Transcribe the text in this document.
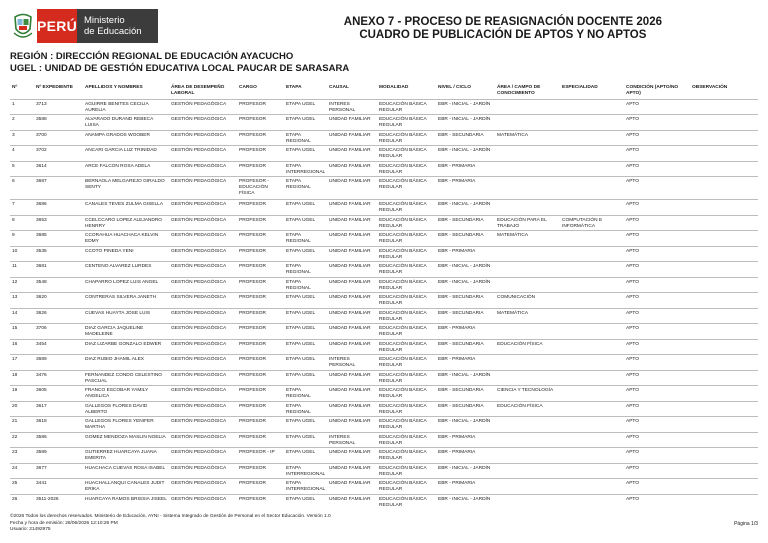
PERÚ Ministerio
de Educación
ANEXO 7 - PROCESO DE REASIGNACIÓN DOCENTE 2026
CUADRO DE PUBLICACIÓN DE APTOS Y NO APTOS
REGIÓN : DIRECCIÓN REGIONAL DE EDUCACIÓN AYACUCHO
UGEL : UNIDAD DE GESTIÓN EDUCATIVA LOCAL PAUCAR DE SARASARA
Nº	Nº EXPEDIENTE	APELLIDOS Y NOMBRES	ÁREA DE DESEMPEÑO LABORAL	CARGO	ETAPA	CAUSAL	MODALIDAD	NIVEL / CICLO	ÁREA / CAMPO DE CONOCIMIENTO	ESPECIALIDAD	CONDICIÓN (APTO/NO APTO)	OBSERVACIÓN
1	3713	AGUIRRE BENITES CECILIA AURELIA	GESTIÓN PEDAGÓGICA	PROFESOR	ETAPA UGEL	INTERES PERSONAL	EDUCACIÓN BÁSICA REGULAR	EBR - INICIAL - JARDÍN			APTO	
2	3588	ALVARADO DURAND REBECA LUISA	GESTIÓN PEDAGÓGICA	PROFESOR	ETAPA UGEL	UNIDAD FAMILIAR	EDUCACIÓN BÁSICA REGULAR	EBR - INICIAL - JARDÍN			APTO	
3	3700	ANAMPA GRADOS WOOBER	GESTIÓN PEDAGÓGICA	PROFESOR	ETAPA REGIONAL	UNIDAD FAMILIAR	EDUCACIÓN BÁSICA REGULAR	EBR - SECUNDARIA	MATEMÁTICA		APTO	
4	3702	ANCARI GARCIA LUZ TRINIDAD	GESTIÓN PEDAGÓGICA	PROFESOR	ETAPA UGEL	UNIDAD FAMILIAR	EDUCACIÓN BÁSICA REGULAR	EBR - INICIAL - JARDÍN			APTO	
5	3614	ARCE FALCON ROSA ADELA	GESTIÓN PEDAGÓGICA	PROFESOR	ETAPA INTERREGIONAL	UNIDAD FAMILIAR	EDUCACIÓN BÁSICA REGULAR	EBR - PRIMARIA			APTO	
6	3687	BERNAOLA MELGAREJO GIRALDO SENTY	GESTIÓN PEDAGÓGICA	PROFESOR - EDUCACIÓN FÍSICA	ETAPA REGIONAL	UNIDAD FAMILIAR	EDUCACIÓN BÁSICA REGULAR	EBR - PRIMARIA			APTO	
7	3686	CANALES TEVES ZULMA GISELLA	GESTIÓN PEDAGÓGICA	PROFESOR	ETAPA UGEL	UNIDAD FAMILIAR	EDUCACIÓN BÁSICA REGULAR	EBR - INICIAL - JARDÍN			APTO	
8	3653	CCELCCARO LOPEZ ALEJANDRO HENRRY	GESTIÓN PEDAGÓGICA	PROFESOR	ETAPA UGEL	UNIDAD FAMILIAR	EDUCACIÓN BÁSICA REGULAR	EBR - SECUNDARIA	EDUCACIÓN PARA EL TRABAJO	COMPUTACIÓN E INFORMÁTICA	APTO	
9	3685	CCORAHUA HUACHACA KELVIN EDMY	GESTIÓN PEDAGÓGICA	PROFESOR	ETAPA REGIONAL	UNIDAD FAMILIAR	EDUCACIÓN BÁSICA REGULAR	EBR - SECUNDARIA	MATEMÁTICA		APTO	
10	3535	CCOTO PINEDA YENI	GESTIÓN PEDAGÓGICA	PROFESOR	ETAPA UGEL	UNIDAD FAMILIAR	EDUCACIÓN BÁSICA REGULAR	EBR - PRIMARIA			APTO	
11	3681	CENTENO ALVAREZ LURDES	GESTIÓN PEDAGÓGICA	PROFESOR	ETAPA REGIONAL	UNIDAD FAMILIAR	EDUCACIÓN BÁSICA REGULAR	EBR - INICIAL - JARDÍN			APTO	
12	3548	CHAPARRO LOPEZ LUIS ANGEL	GESTIÓN PEDAGÓGICA	PROFESOR	ETAPA REGIONAL	UNIDAD FAMILIAR	EDUCACIÓN BÁSICA REGULAR	EBR - INICIAL - JARDÍN			APTO	
13	3620	CONTRERAS SILVERA JANETH	GESTIÓN PEDAGÓGICA	PROFESOR	ETAPA UGEL	UNIDAD FAMILIAR	EDUCACIÓN BÁSICA REGULAR	EBR - SECUNDARIA	COMUNICACIÓN		APTO	
14	3626	CUEVAS HUAYTA JOSE LUIS	GESTIÓN PEDAGÓGICA	PROFESOR	ETAPA UGEL	UNIDAD FAMILIAR	EDUCACIÓN BÁSICA REGULAR	EBR - SECUNDARIA	MATEMÁTICA		APTO	
15	3706	DIAZ GARCIA JAQUELINE MADELEINE	GESTIÓN PEDAGÓGICA	PROFESOR	ETAPA UGEL	UNIDAD FAMILIAR	EDUCACIÓN BÁSICA REGULAR	EBR - PRIMARIA			APTO	
16	3454	DIAZ LIZARBE GONZALO EDWER	GESTIÓN PEDAGÓGICA	PROFESOR	ETAPA UGEL	UNIDAD FAMILIAR	EDUCACIÓN BÁSICA REGULAR	EBR - SECUNDARIA	EDUCACIÓN FÍSICA		APTO	
17	3689	DIAZ RUBIO JHAMIL ALEX	GESTIÓN PEDAGÓGICA	PROFESOR	ETAPA UGEL	INTERES PERSONAL	EDUCACIÓN BÁSICA REGULAR	EBR - PRIMARIA			APTO	
18	3476	FERNANDEZ CONDO CELESTINO PASCUAL	GESTIÓN PEDAGÓGICA	PROFESOR	ETAPA UGEL	UNIDAD FAMILIAR	EDUCACIÓN BÁSICA REGULAR	EBR - INICIAL - JARDÍN			APTO	
19	3605	FRANCO ESCOBAR YAMILY ANGELICA	GESTIÓN PEDAGÓGICA	PROFESOR	ETAPA REGIONAL	UNIDAD FAMILIAR	EDUCACIÓN BÁSICA REGULAR	EBR - SECUNDARIA	CIENCIA Y TECNOLOGÍA		APTO	
20	3617	GALLEGOS FLORES DAVID ALBERTO	GESTIÓN PEDAGÓGICA	PROFESOR	ETAPA REGIONAL	UNIDAD FAMILIAR	EDUCACIÓN BÁSICA REGULAR	EBR - SECUNDARIA	EDUCACIÓN FÍSICA		APTO	
21	3618	GALLEGOS FLORES YENIFER MARTHA	GESTIÓN PEDAGÓGICA	PROFESOR	ETAPA UGEL	UNIDAD FAMILIAR	EDUCACIÓN BÁSICA REGULAR	EBR - INICIAL - JARDÍN			APTO	
22	3586	GOMEZ MENDOZA MASLIN NOELIA	GESTIÓN PEDAGÓGICA	PROFESOR	ETAPA UGEL	INTERES PERSONAL	EDUCACIÓN BÁSICA REGULAR	EBR - PRIMARIA			APTO	
23	3589	GUTIERREZ HUARCAYA JUANA EMERITA	GESTIÓN PEDAGÓGICA	PROFESOR - IP	ETAPA UGEL	UNIDAD FAMILIAR	EDUCACIÓN BÁSICA REGULAR	EBR - PRIMARIA			APTO	
24	3677	HUACHACA CUEVAS ROSA ISABEL	GESTIÓN PEDAGÓGICA	PROFESOR	ETAPA INTERREGIONAL	UNIDAD FAMILIAR	EDUCACIÓN BÁSICA REGULAR	EBR - INICIAL - JARDÍN			APTO	
25	3441	HUACHALLANQUI CANALES JUDIT ERIKA	GESTIÓN PEDAGÓGICA	PROFESOR	ETAPA INTERREGIONAL	UNIDAD FAMILIAR	EDUCACIÓN BÁSICA REGULAR	EBR - PRIMARIA			APTO	
26	3511-2026	HUARCAYA RAMOS BRISSIA JISEEL	GESTIÓN PEDAGÓGICA	PROFESOR	ETAPA UGEL	UNIDAD FAMILIAR	EDUCACIÓN BÁSICA REGULAR	EBR - INICIAL - JARDÍN			APTO	
©2026 Todos los derechos reservados. Ministerio de Educación, AYNI - Sistema Integrado de Gestión de Personal en el Sector Educación. Versión 1.0
Fecha y hora de emisión: 26/06/2026 12:10:26 PM
Usuario: 21492975
Página 1/3
